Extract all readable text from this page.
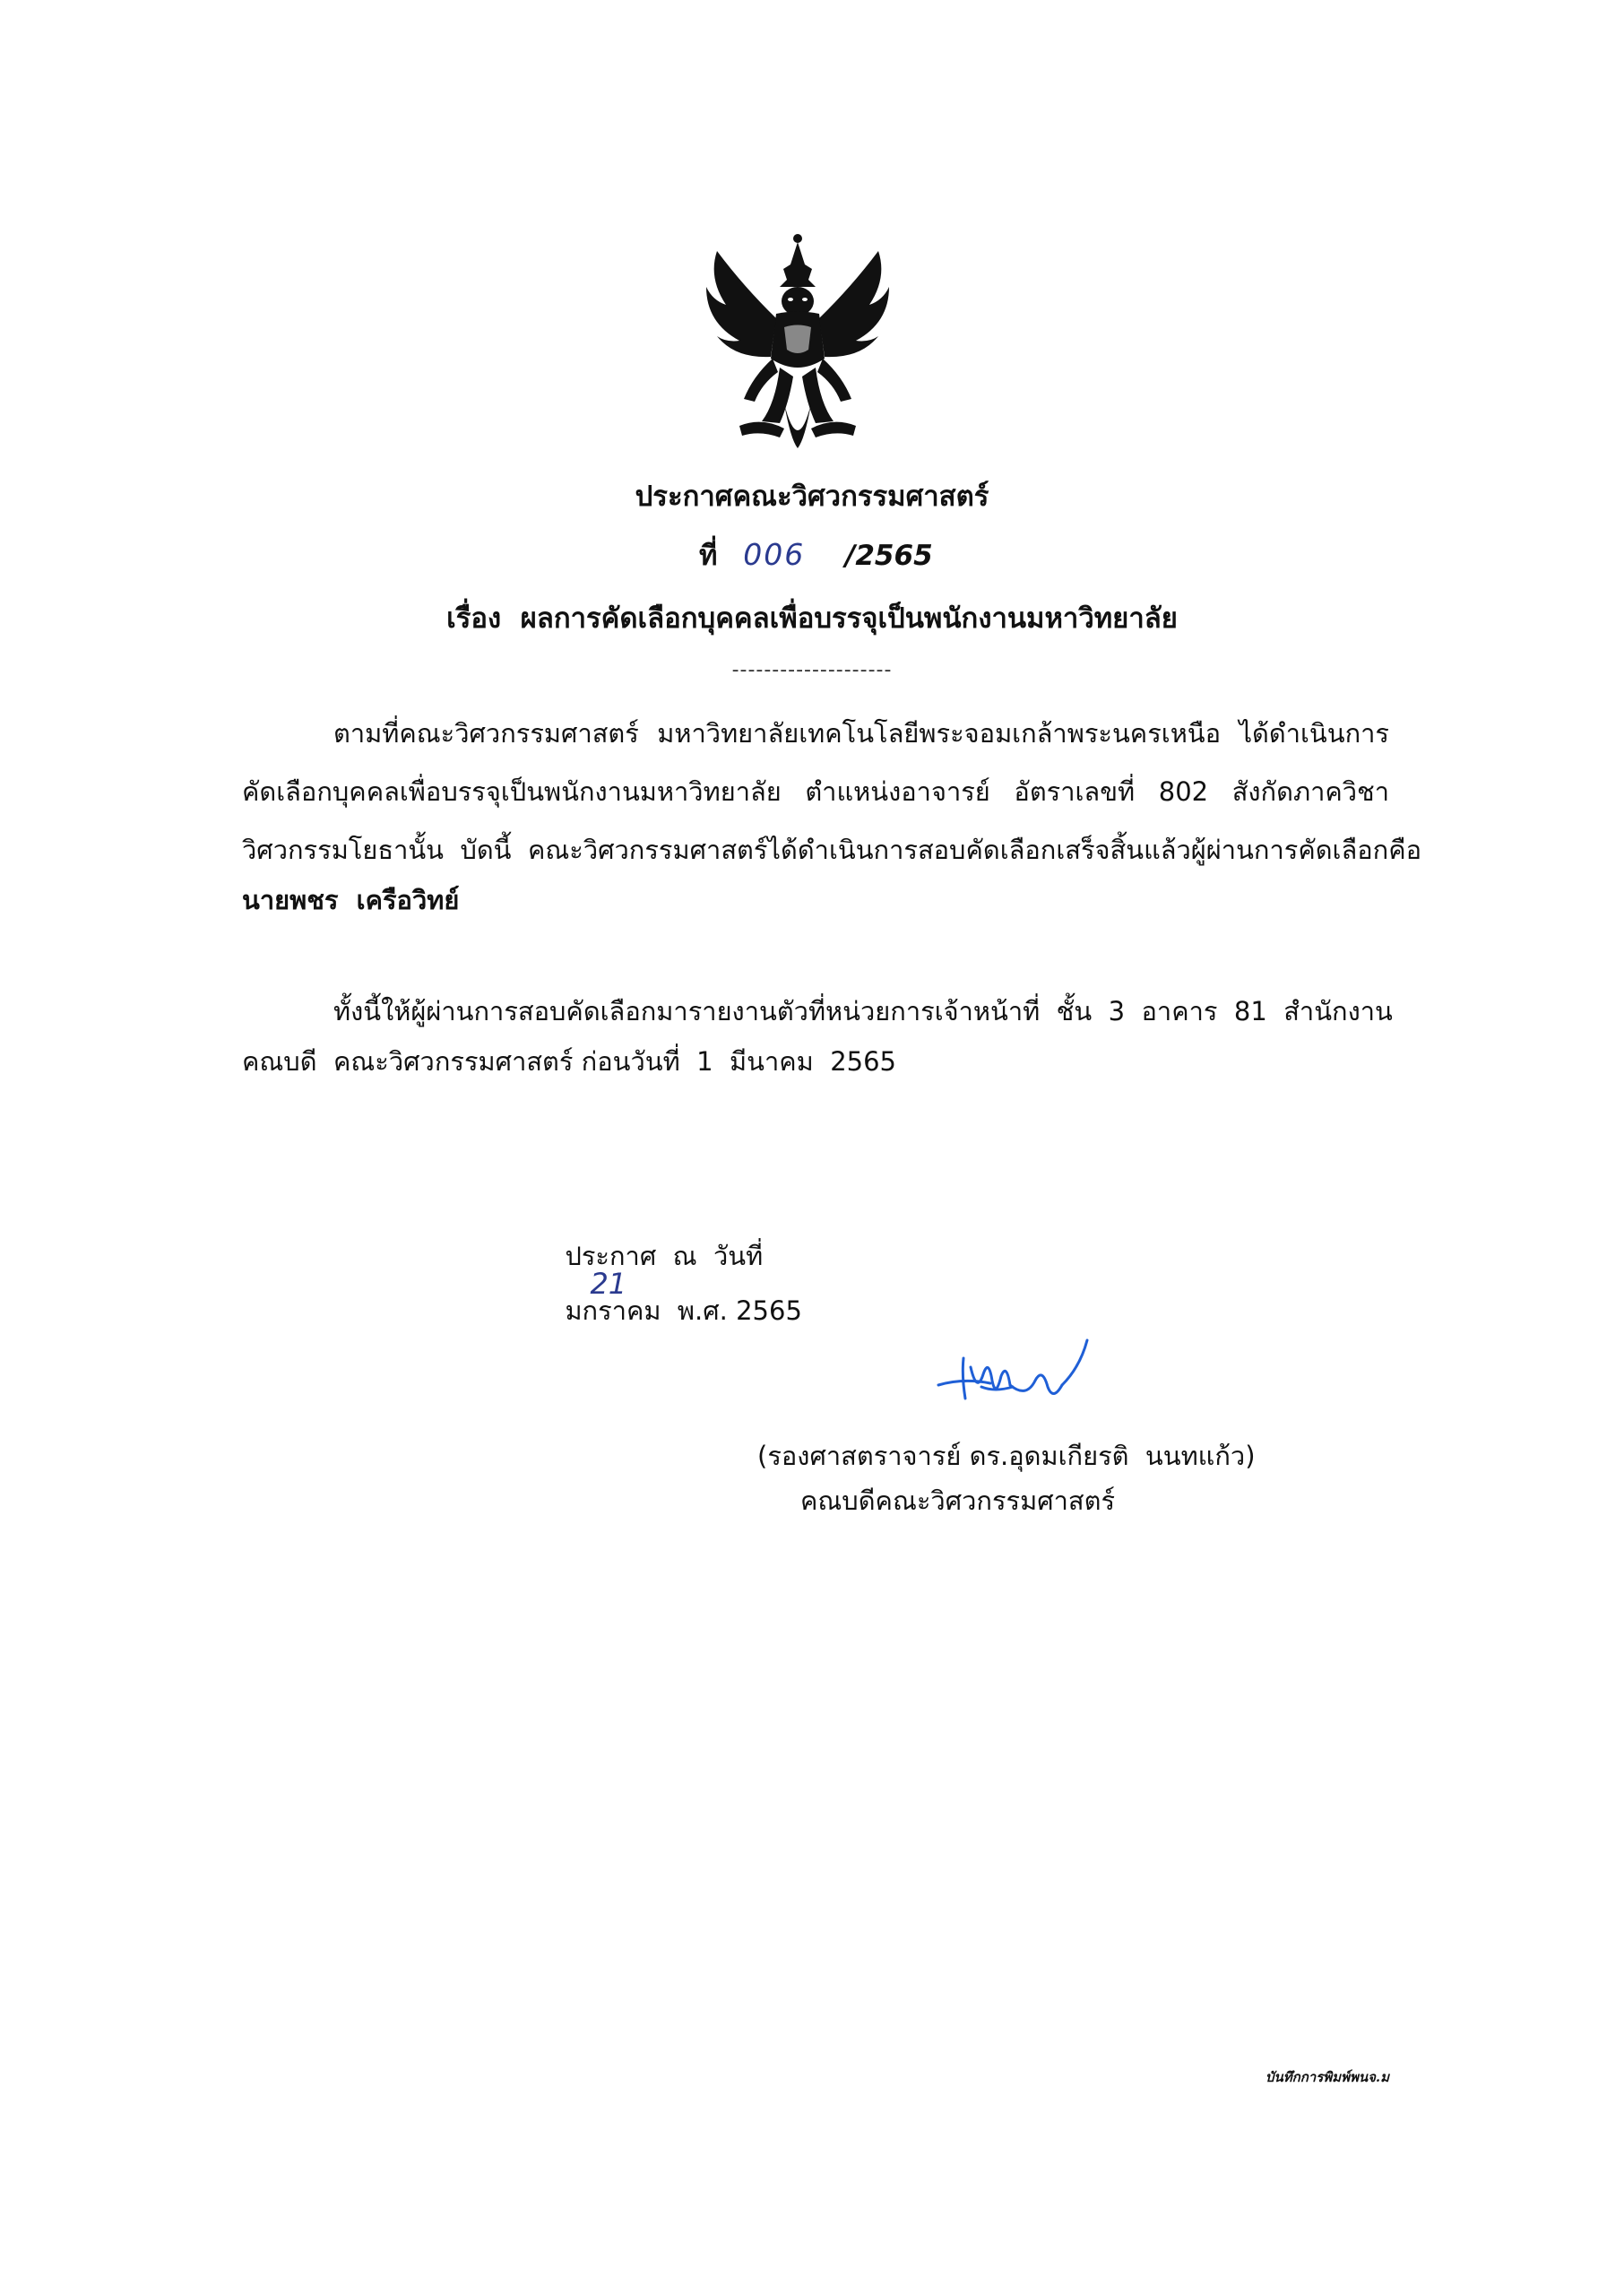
ประกาศคณะวิศวกรรมศาสตร์
ที่ 006 /2565
เรื่อง  ผลการคัดเลือกบุคคลเพื่อบรรจุเป็นพนักงานมหาวิทยาลัย
--------------------
ตามที่คณะวิศวกรรมศาสตร์  มหาวิทยาลัยเทคโนโลยีพระจอมเกล้าพระนครเหนือ  ได้ดำเนินการ
คัดเลือกบุคคลเพื่อบรรจุเป็นพนักงานมหาวิทยาลัย  ตำแหน่งอาจารย์  อัตราเลขที่  802  สังกัดภาควิชา
วิศวกรรมโยธานั้น  บัดนี้  คณะวิศวกรรมศาสตร์ได้ดำเนินการสอบคัดเลือกเสร็จสิ้นแล้วผู้ผ่านการคัดเลือกคือ
นายพชร  เครือวิทย์
ทั้งนี้ให้ผู้ผ่านการสอบคัดเลือกมารายงานตัวที่หน่วยการเจ้าหน้าที่  ชั้น  3  อาคาร  81  สำนักงาน
คณบดี  คณะวิศวกรรมศาสตร์ ก่อนวันที่  1  มีนาคม  2565

ประกาศ  ณ  วันที่
21
มกราคม  พ.ศ. 2565

(รองศาสตราจารย์ ดร.อุดมเกียรติ  นนทแก้ว)
คณบดีคณะวิศวกรรมศาสตร์
บันทึกการพิมพ์พนจ.ม
